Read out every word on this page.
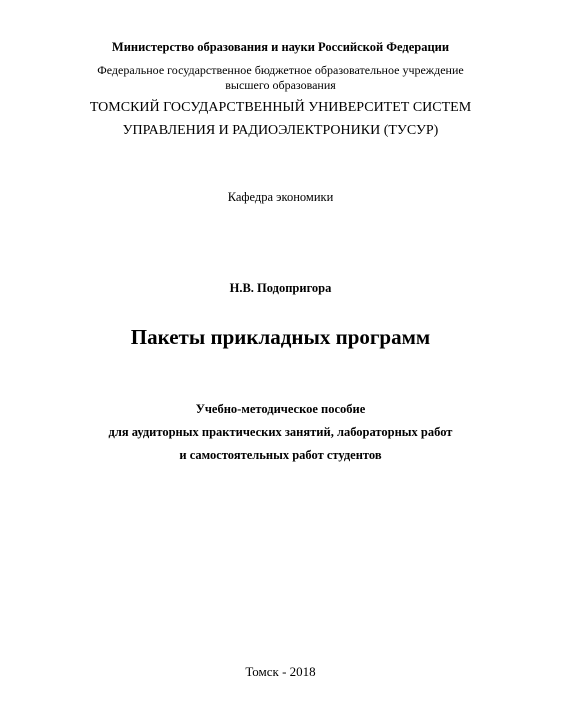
Министерство образования и науки Российской Федерации
Федеральное государственное бюджетное образовательное учреждение
высшего образования
ТОМСКИЙ ГОСУДАРСТВЕННЫЙ УНИВЕРСИТЕТ СИСТЕМ
УПРАВЛЕНИЯ И РАДИОЭЛЕКТРОНИКИ (ТУСУР)
Кафедра экономики
Н.В. Подопригора
Пакеты прикладных программ
Учебно-методическое пособие
для аудиторных практических занятий, лабораторных работ
и самостоятельных работ студентов
Томск - 2018
